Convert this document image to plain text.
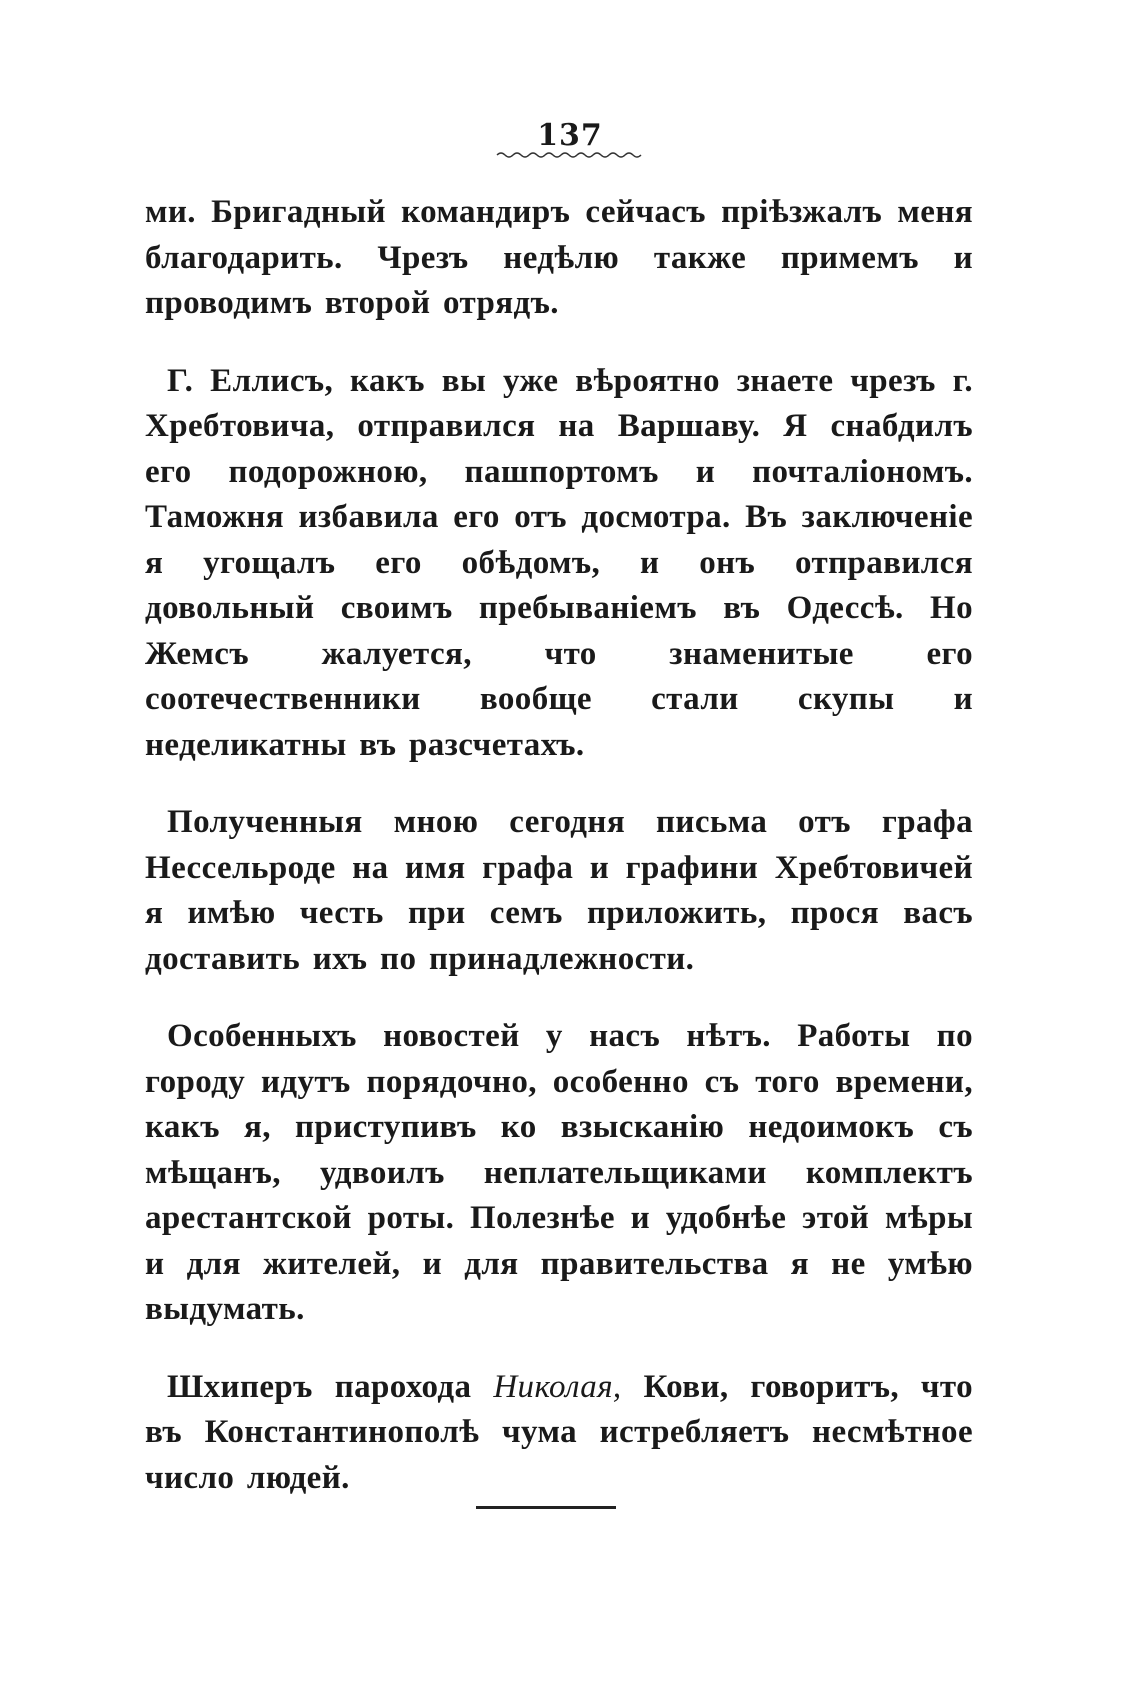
137

ми. Бригадный командиръ сейчасъ прiѣзжалъ меня благодарить. Чрезъ недѣлю также примемъ и проводимъ второй отрядъ.

Г. Еллисъ, какъ вы уже вѣроятно знаете чрезъ г. Хребтовича, отправился на Варшаву. Я снабдилъ его подорожною, пашпортомъ и почталiономъ. Таможня избавила его отъ досмотра. Въ заключенiе я угощалъ его обѣдомъ, и онъ отправился довольный своимъ пребыванiемъ въ Одессѣ. Но Жемсъ жалуется, что знаменитые его соотечественники вообще стали скупы и неделикатны въ разсчетахъ.

Полученныя мною сегодня письма отъ графа Нессельроде на имя графа и графини Хребтовичей я имѣю честь при семъ приложить, прося васъ доставить ихъ по принадлежности.

Особенныхъ новостей у насъ нѣтъ. Работы по городу идутъ порядочно, особенно съ того времени, какъ я, приступивъ ко взысканiю недоимокъ съ мѣщанъ, удвоилъ неплательщиками комплектъ арестантской роты. Полезнѣе и удобнѣе этой мѣры и для жителей, и для правительства я не умѣю выдумать.

Шхиперъ парохода Николая, Кови, говоритъ, что въ Константинополѣ чума истребляетъ несмѣтное число людей.
